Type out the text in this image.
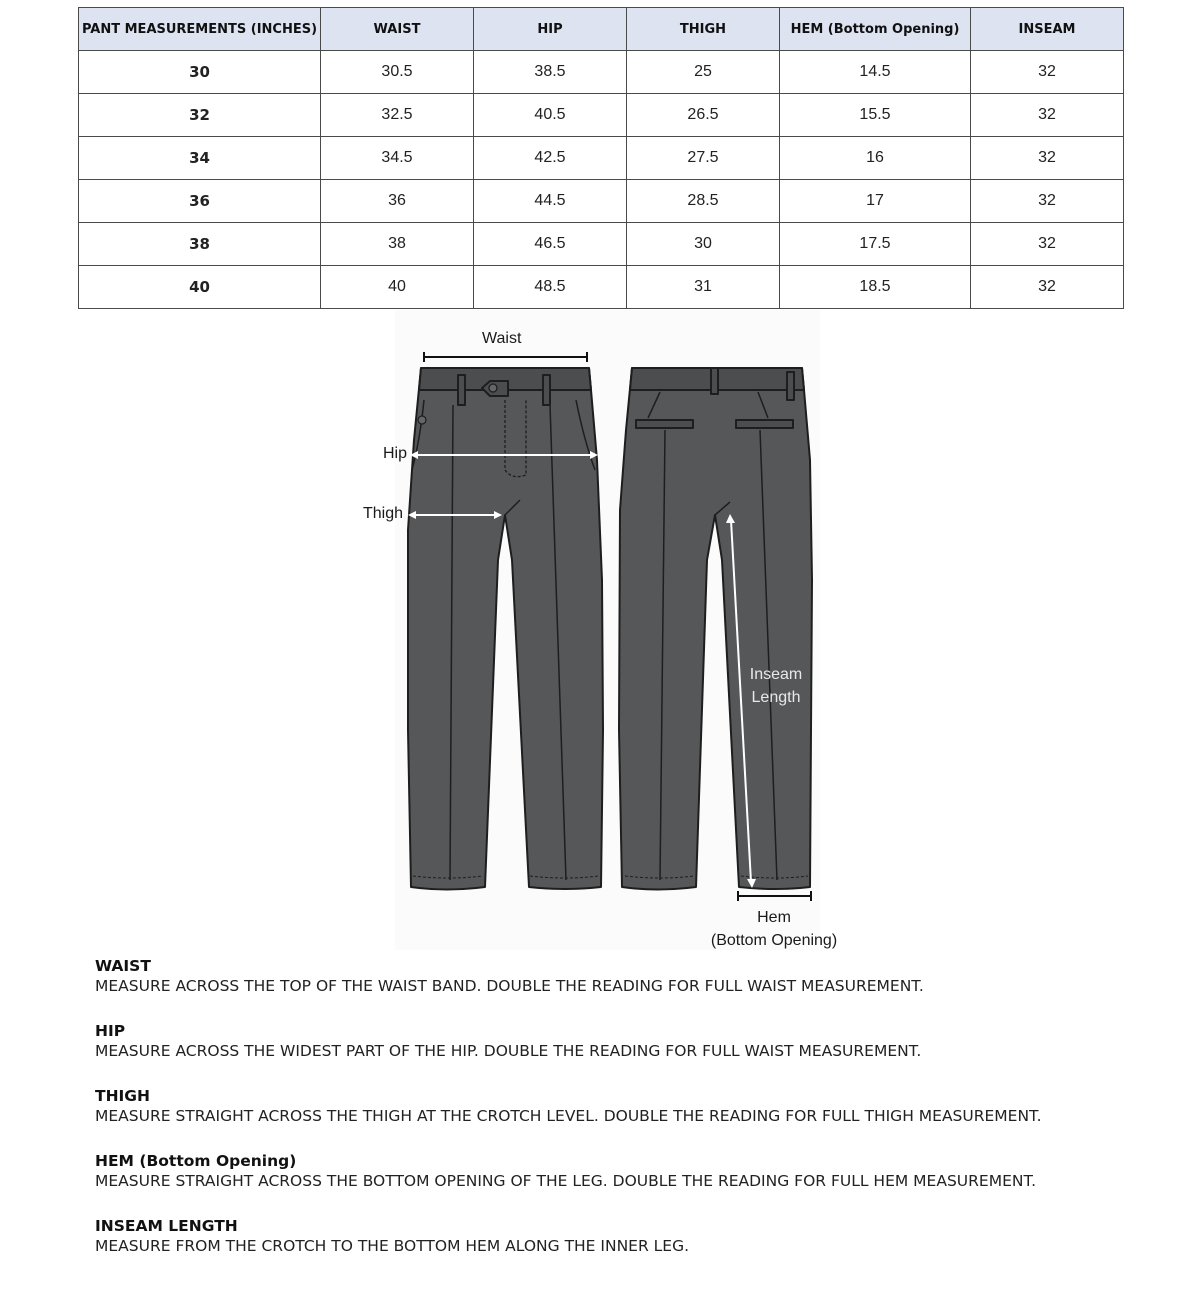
PANT MEASUREMENTS (INCHES)	WAIST	HIP	THIGH	HEM (Bottom Opening)	INSEAM
30	30.5	38.5	25	14.5	32
32	32.5	40.5	26.5	15.5	32
34	34.5	42.5	27.5	16	32
36	36	44.5	28.5	17	32
38	38	46.5	30	17.5	32
40	40	48.5	31	18.5	32
Waist
Hip
Thigh
Inseam
Length
Hem
(Bottom Opening)
WAIST
MEASURE ACROSS THE TOP OF THE WAIST BAND. DOUBLE THE READING FOR FULL WAIST MEASUREMENT.
HIP
MEASURE ACROSS THE WIDEST PART OF THE HIP. DOUBLE THE READING FOR FULL WAIST MEASUREMENT.
THIGH
MEASURE STRAIGHT ACROSS THE THIGH AT THE CROTCH LEVEL. DOUBLE THE READING FOR FULL THIGH MEASUREMENT.
HEM (Bottom Opening)
MEASURE STRAIGHT ACROSS THE BOTTOM OPENING OF THE LEG. DOUBLE THE READING FOR FULL HEM MEASUREMENT.
INSEAM LENGTH
MEASURE FROM THE CROTCH TO THE BOTTOM HEM ALONG THE INNER LEG.
